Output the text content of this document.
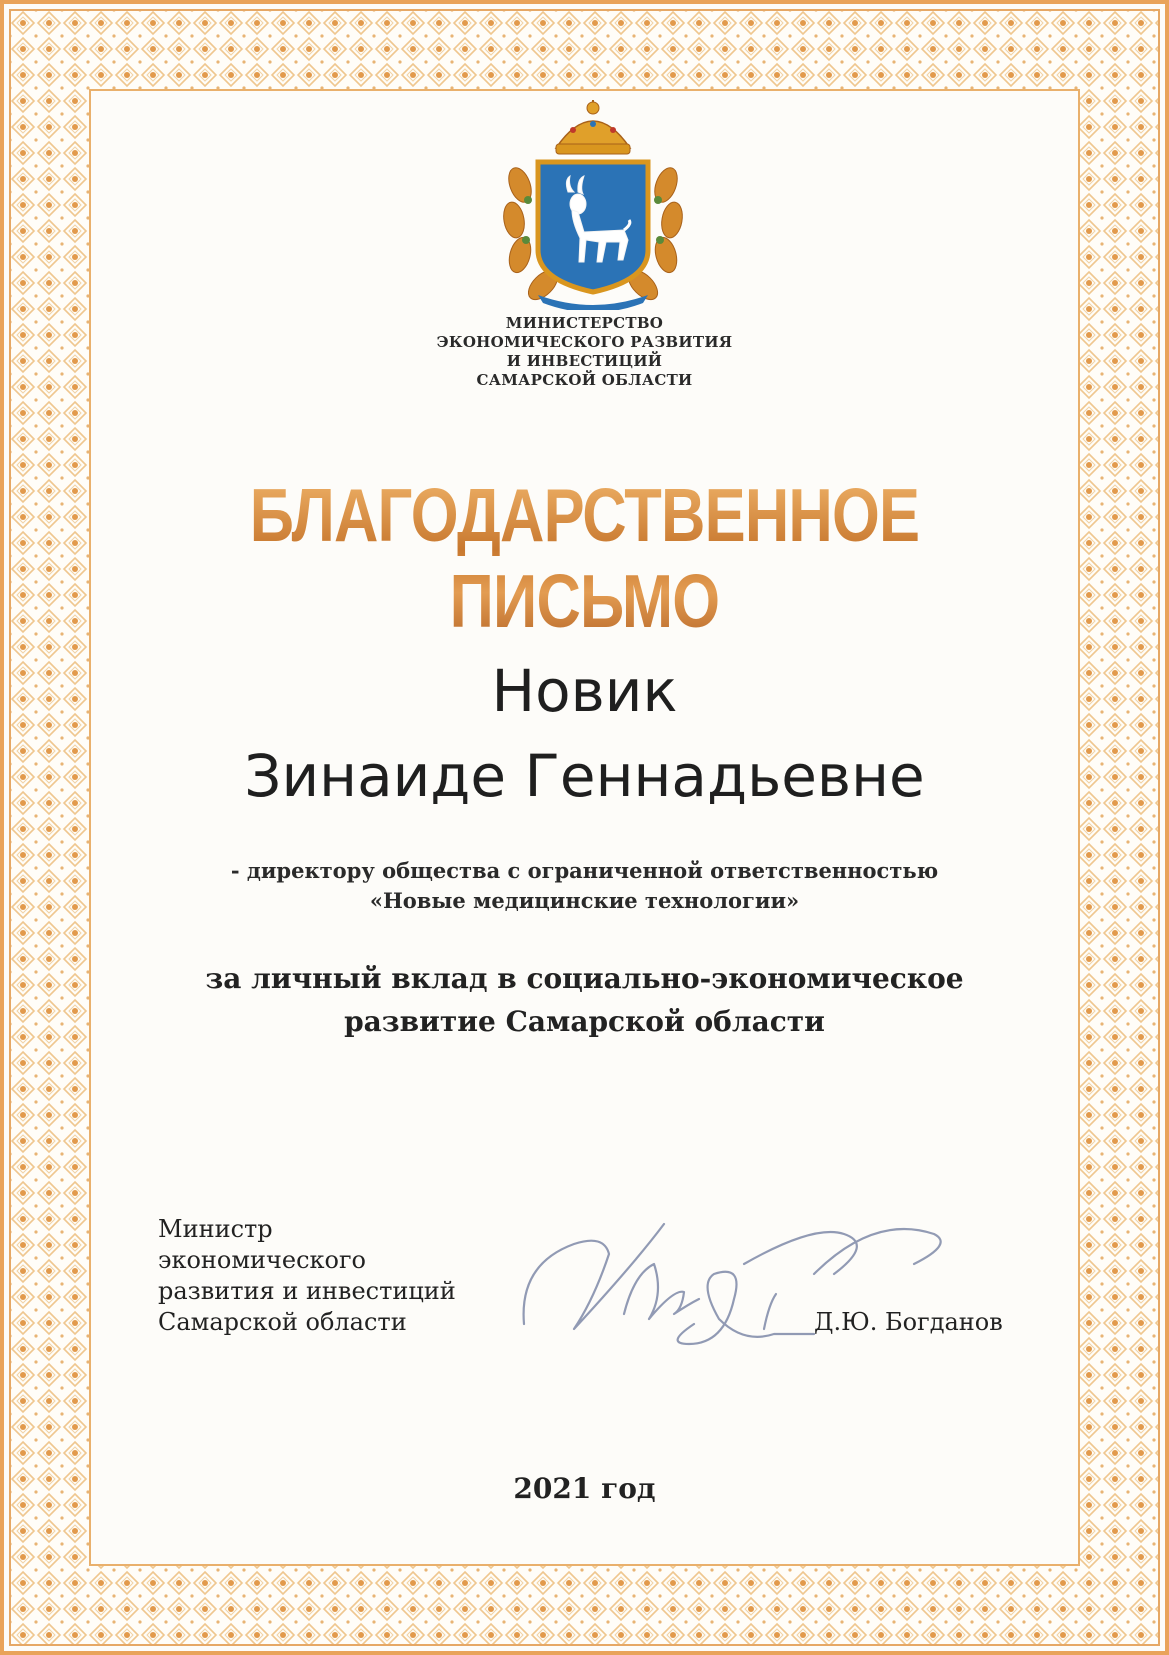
МИНИСТЕРСТВО
ЭКОНОМИЧЕСКОГО РАЗВИТИЯ
И ИНВЕСТИЦИЙ
САМАРСКОЙ ОБЛАСТИ
БЛАГОДАРСТВЕННОЕ ПИСЬМО
Новик
Зинаиде Геннадьевне
- директору общества с ограниченной ответственностью
«Новые медицинские технологии»
за личный вклад в социально-экономическое
развитие Самарской области
Министр
экономического
развития и инвестиций
Самарской области	Д.Ю. Богданов
2021 год
